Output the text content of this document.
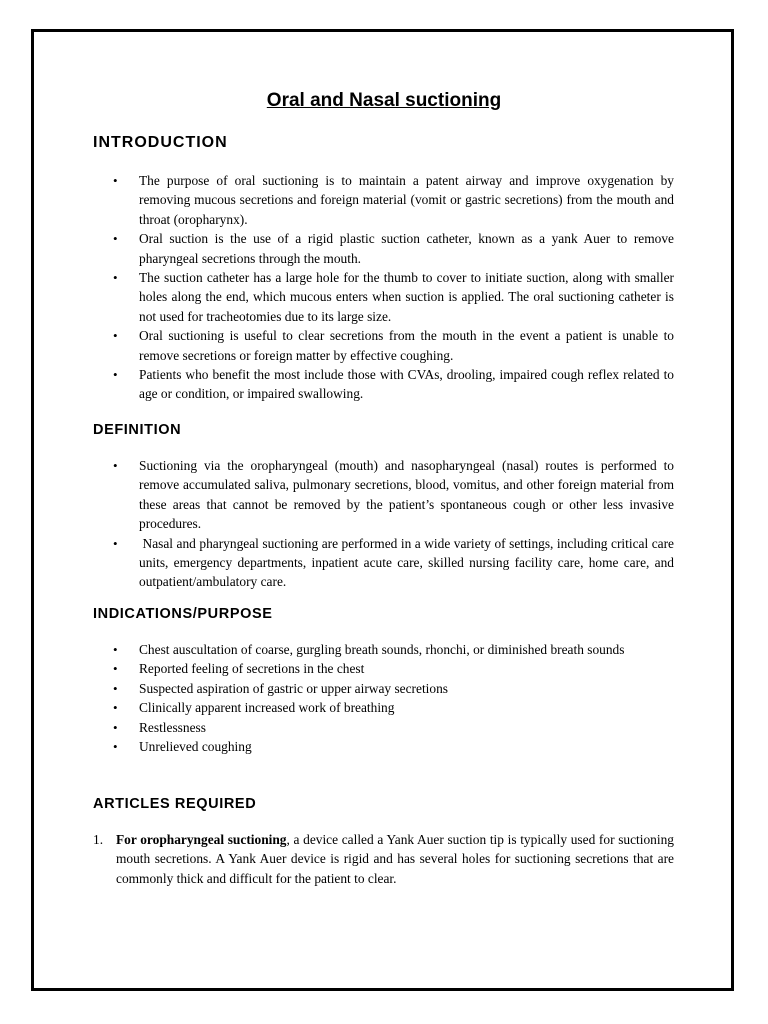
Oral and Nasal suctioning
INTRODUCTION
• The purpose of oral suctioning is to maintain a patent airway and improve oxygenation by removing mucous secretions and foreign material (vomit or gastric secretions) from the mouth and throat (oropharynx).
• Oral suction is the use of a rigid plastic suction catheter, known as a yank Auer to remove pharyngeal secretions through the mouth.
• The suction catheter has a large hole for the thumb to cover to initiate suction, along with smaller holes along the end, which mucous enters when suction is applied. The oral suctioning catheter is not used for tracheotomies due to its large size.
• Oral suctioning is useful to clear secretions from the mouth in the event a patient is unable to remove secretions or foreign matter by effective coughing.
• Patients who benefit the most include those with CVAs, drooling, impaired cough reflex related to age or condition, or impaired swallowing.
DEFINITION
• Suctioning via the oropharyngeal (mouth) and nasopharyngeal (nasal) routes is performed to remove accumulated saliva, pulmonary secretions, blood, vomitus, and other foreign material from these areas that cannot be removed by the patient’s spontaneous cough or other less invasive procedures.
•  Nasal and pharyngeal suctioning are performed in a wide variety of settings, including critical care units, emergency departments, inpatient acute care, skilled nursing facility care, home care, and outpatient/ambulatory care.
INDICATIONS/PURPOSE
• Chest auscultation of coarse, gurgling breath sounds, rhonchi, or diminished breath sounds
• Reported feeling of secretions in the chest
• Suspected aspiration of gastric or upper airway secretions
• Clinically apparent increased work of breathing
• Restlessness
• Unrelieved coughing
ARTICLES REQUIRED
1. For oropharyngeal suctioning, a device called a Yank Auer suction tip is typically used for suctioning mouth secretions. A Yank Auer device is rigid and has several holes for suctioning secretions that are commonly thick and difficult for the patient to clear.
